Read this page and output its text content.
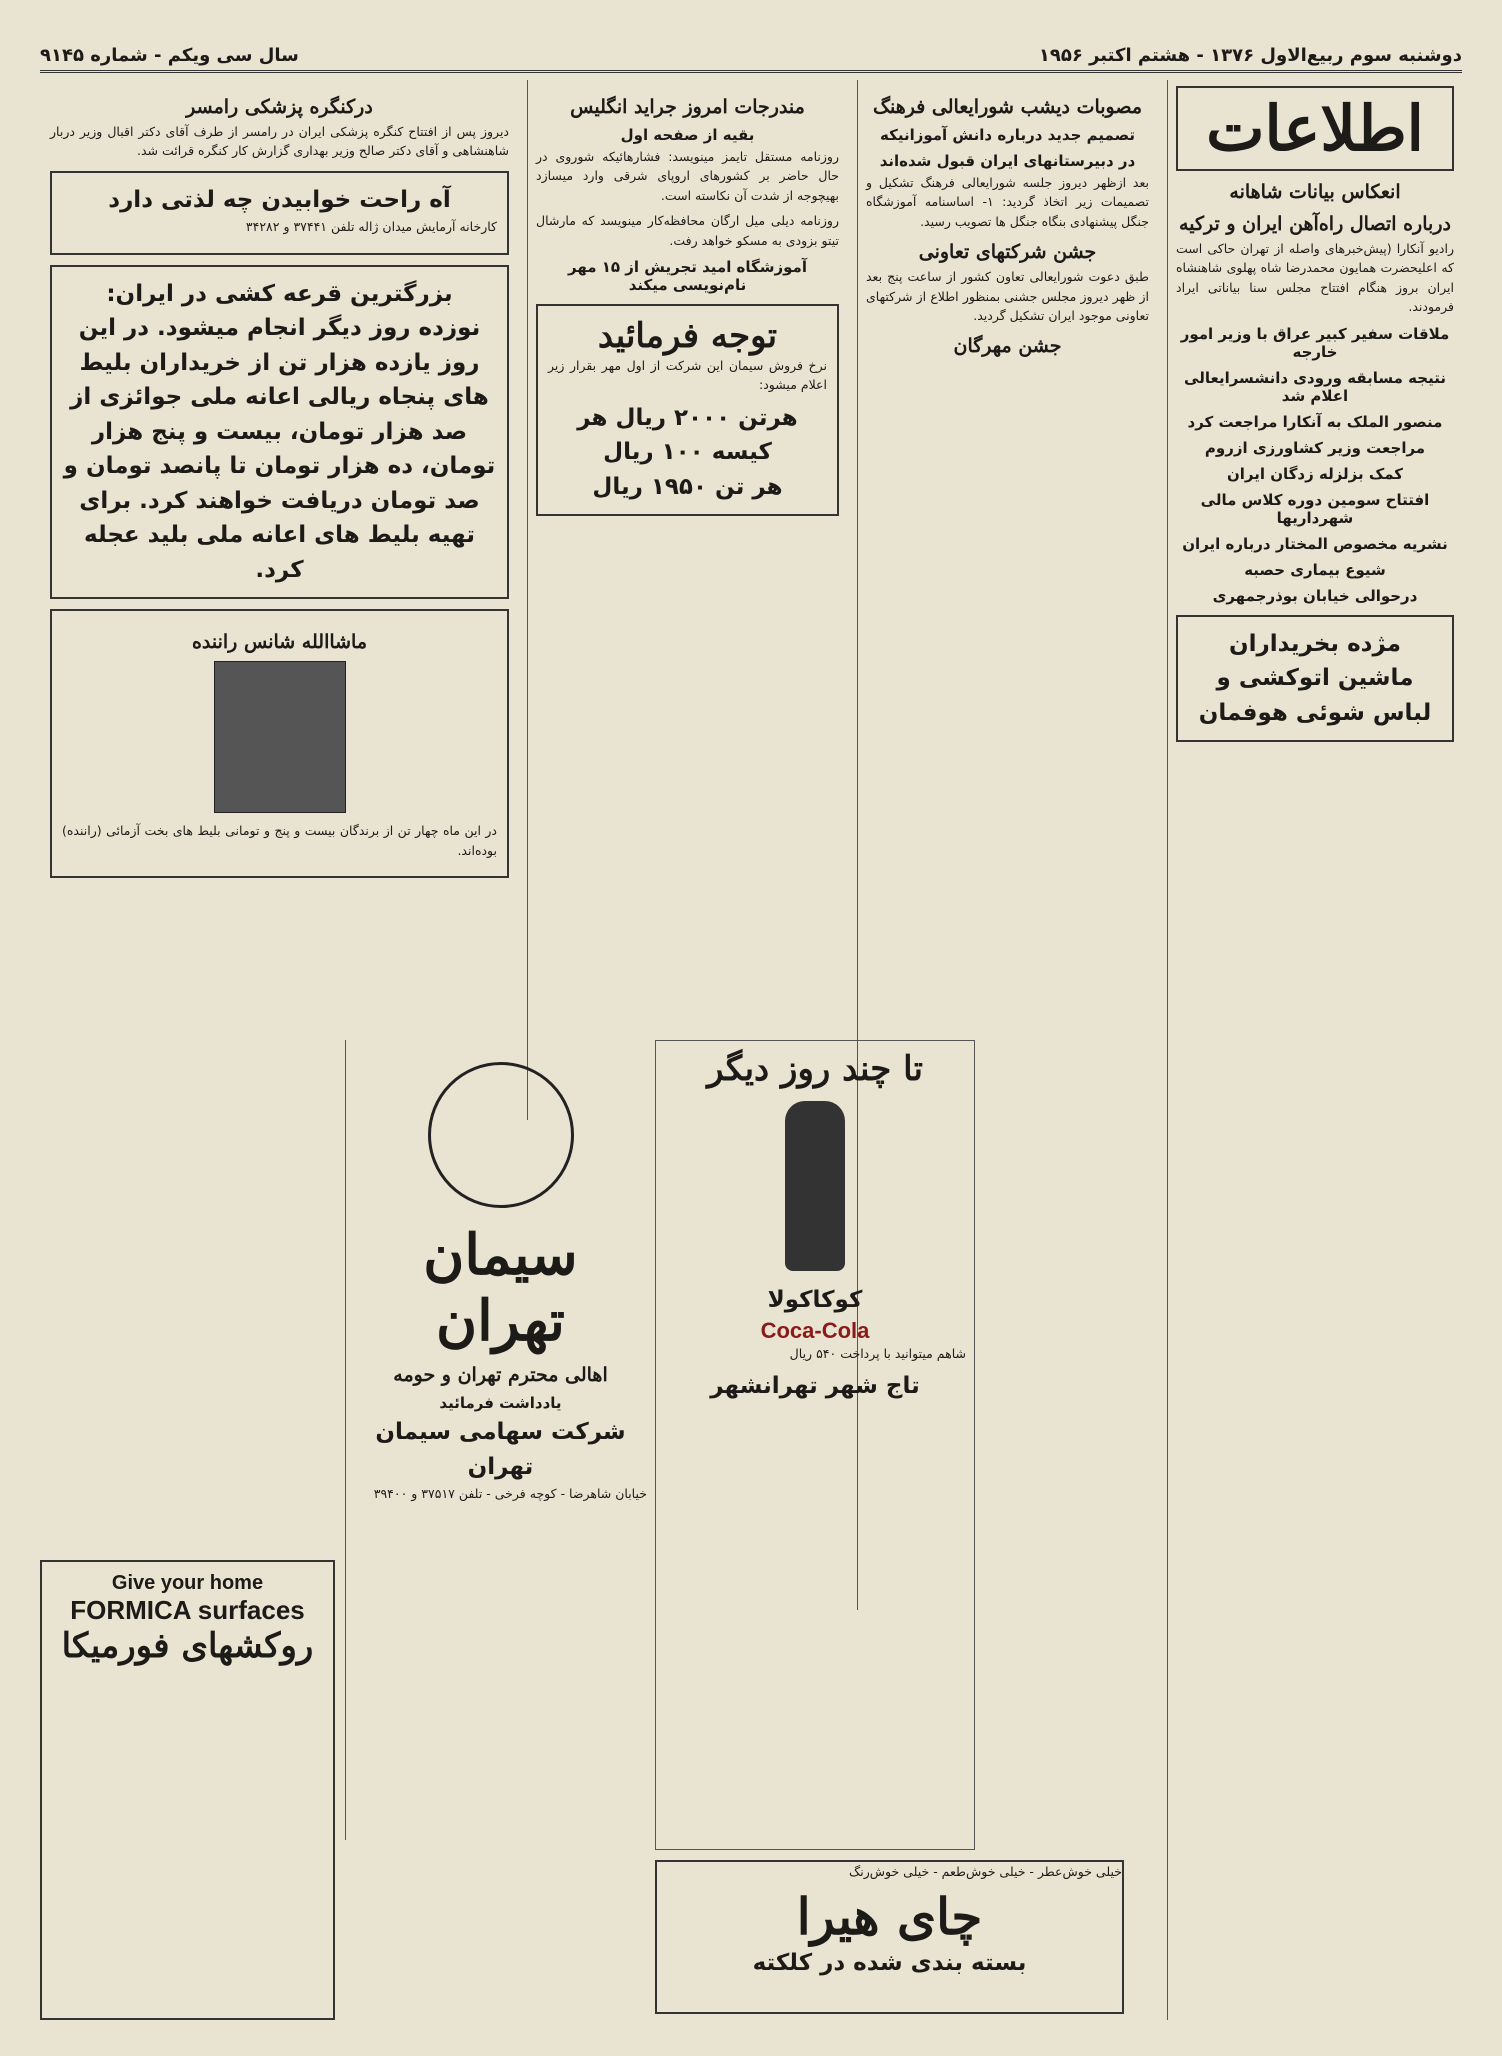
دوشنبه سوم ربیع‌الاول ۱۳۷۶ - هشتم اکتبر ۱۹۵۶
سال سی ویکم - شماره ۹۱۴۵
اطلاعات
انعکاس بیانات شاهانه
درباره اتصال راه‌آهن ایران و ترکیه

رادیو آنکارا (پیش‌خبرهای واصله از تهران حاکی است که اعلیحضرت همایون محمدرضا شاه پهلوی شاهنشاه ایران بروز هنگام افتتاح مجلس سنا بیاناتی ایراد فرمودند.

ملاقات سفیر کبیر عراق با وزیر امور خارجه
نتیجه مسابقه ورودی دانشسرایعالی اعلام شد
منصور الملک به آنکارا مراجعت کرد
مراجعت وزیر کشاورزی ازروم
کمک بزلزله زدگان ایران
افتتاح سومین دوره کلاس مالی شهرداریها
نشریه مخصوص المختار درباره ایران
شیوع بیماری حصبه
درحوالی خیابان بوذرجمهری
مژده بخریداران ماشین اتوکشی و لباس شوئی هوفمان
مصوبات دیشب شورایعالی فرهنگ
تصمیم جدید درباره دانش آموزانیکه
در دبیرستانهای ایران قبول شده‌اند

بعد ازظهر دیروز جلسه شورایعالی فرهنگ تشکیل و تصمیمات زیر اتخاذ گردید: ۱- اساسنامه آموزشگاه جنگل پیشنهادی بنگاه جنگل ها تصویب رسید.

جشن شرکتهای تعاونی

طبق دعوت شورایعالی تعاون کشور از ساعت پنج بعد از ظهر دیروز مجلس جشنی بمنظور اطلاع از شرکتهای تعاونی موجود ایران تشکیل گردید.

جشن مهرگان
مندرجات امروز جراید انگلیس
بقیه از صفحه اول

روزنامه مستقل تایمز مینویسد: فشارهائیکه شوروی در حال حاضر بر کشورهای اروپای شرقی وارد میسازد بهیچوجه از شدت آن نکاسته است.

روزنامه دیلی میل ارگان محافظه‌کار مینویسد که مارشال تیتو بزودی به مسکو خواهد رفت.

آموزشگاه امید تجریش از ۱۵ مهر نام‌نویسی میکند
توجه فرمائید

نرخ فروش سیمان این شرکت از اول مهر بقرار زیر اعلام میشود:

هرتن ۲۰۰۰ ریال هر کیسه ۱۰۰ ریال
هر تن ۱۹۵۰ ریال
درکنگره پزشکی رامسر

دیروز پس از افتتاح کنگره پزشکی ایران در رامسر از طرف آقای دکتر اقبال وزیر دربار شاهنشاهی و آقای دکتر صالح وزیر بهداری گزارش کار کنگره قرائت شد.

آه راحت خوابیدن چه لذتی دارد

کارخانه آرمایش میدان ژاله تلفن ۳۷۴۴۱ و ۳۴۲۸۲

بزرگترین قرعه کشی در ایران:
نوزده روز دیگر انجام میشود. در این روز یازده هزار تن از خریداران بلیط های پنجاه ریالی اعانه ملی جوائزی از صد هزار تومان، بیست و پنج هزار تومان، ده هزار تومان تا پانصد تومان و صد تومان دریافت خواهند کرد. برای تهیه بلیط های اعانه ملی بلید عجله کرد.
ماشاالله شانس راننده

در این ماه چهار تن از برندگان بیست و پنج و تومانی بلیط های بخت آزمائی (راننده) بوده‌اند.

Give your home
FORMICA surfaces
روکشهای فورمیکا
سیمان تهران
اهالی محترم تهران و حومه
یادداشت فرمائید
شرکت سهامی سیمان تهران

خیابان شاهرضا - کوچه فرخی - تلفن ۳۷۵۱۷ و ۳۹۴۰۰

تا چند روز دیگر
کوکاکولا
Coca-Cola

شاهم میتوانید با پرداخت ۵۴۰ ریال

تاج شهر تهرانشهر

خیلی خوش‌عطر - خیلی خوش‌طعم - خیلی خوش‌رنگ

چای هیرا
بسته بندی شده در کلکته
